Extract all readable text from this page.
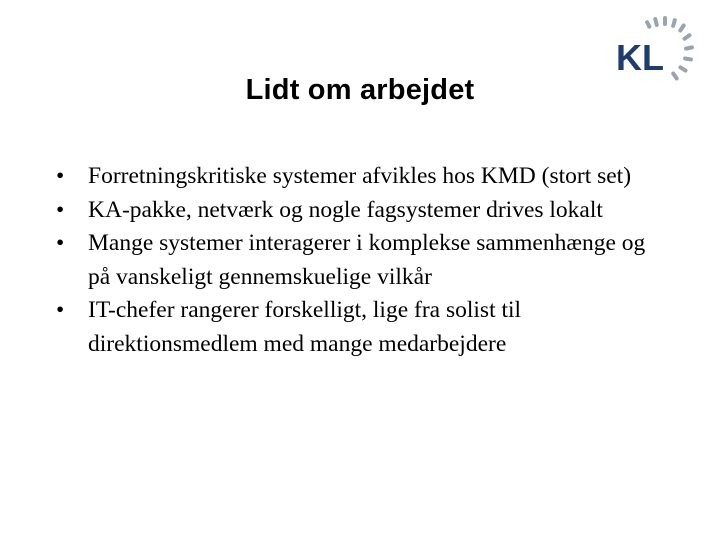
KL
Lidt om arbejdet
•	Forretningskritiske systemer afvikles hos KMD (stort set)
•	KA-pakke, netværk og nogle fagsystemer drives lokalt
•	Mange systemer interagerer i komplekse sammenhænge og på vanskeligt gennemskuelige vilkår
•	IT-chefer rangerer forskelligt, lige fra solist til direktionsmedlem med mange medarbejdere
